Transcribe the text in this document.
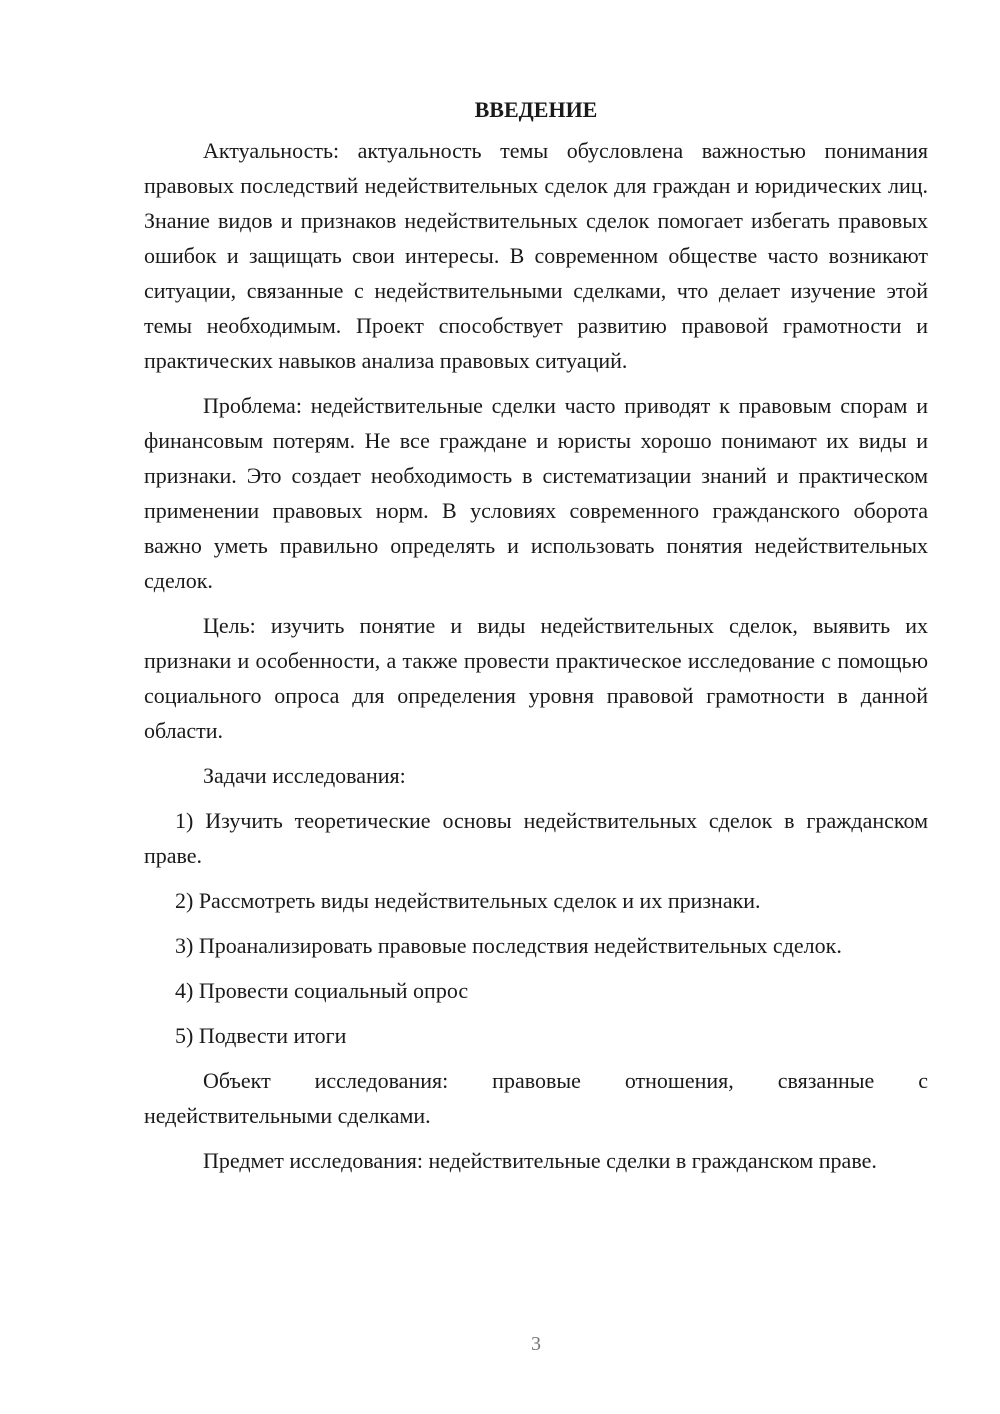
ВВЕДЕНИЕ

Актуальность: актуальность темы обусловлена важностью понимания правовых последствий недействительных сделок для граждан и юридических лиц. Знание видов и признаков недействительных сделок помогает избегать правовых ошибок и защищать свои интересы. В современном обществе часто возникают ситуации, связанные с недействительными сделками, что делает изучение этой темы необходимым. Проект способствует развитию правовой грамотности и практических навыков анализа правовых ситуаций.

Проблема: недействительные сделки часто приводят к правовым спорам и финансовым потерям. Не все граждане и юристы хорошо понимают их виды и признаки. Это создает необходимость в систематизации знаний и практическом применении правовых норм. В условиях современного гражданского оборота важно уметь правильно определять и использовать понятия недействительных сделок.

Цель: изучить понятие и виды недействительных сделок, выявить их признаки и особенности, а также провести практическое исследование с помощью социального опроса для определения уровня правовой грамотности в данной области.

Задачи исследования:

1) Изучить теоретические основы недействительных сделок в гражданском праве.

2) Рассмотреть виды недействительных сделок и их признаки.

3) Проанализировать правовые последствия недействительных сделок.

4) Провести социальный опрос

5) Подвести итоги

Объект исследования: правовые отношения, связанные с недействительными сделками.

Предмет исследования: недействительные сделки в гражданском праве.

3
